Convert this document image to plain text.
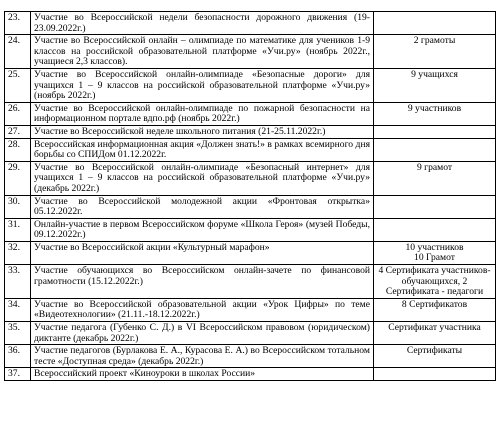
23.	Участие во Всероссийской недели безопасности дорожного движения (19-23.09.2022г.)	
24.	Участие во Всероссийской онлайн – олимпиаде по математике для учеников 1-9 классов на российской образовательной платформе «Учи.ру» (ноябрь 2022г., учащиеся 2,3 классов).	2 грамоты
25.	Участие во Всероссийской онлайн-олимпиаде «Безопасные дороги» для учащихся 1 – 9 классов на российской образовательной платформе «Учи.ру» (ноябрь 2022г.)	9 учащихся
26.	Участие во Всероссийской онлайн-олимпиаде по пожарной безопасности на информационном портале вдпо.рф (ноябрь 2022г.)	9 участников
27.	Участие во Всероссийской неделе школьного питания (21-25.11.2022г.)	
28.	Всероссийская информационная акция «Должен знать!» в рамках всемирного дня борьбы со СПИДом 01.12.2022г.	
29.	Участие во Всероссийской онлайн-олимпиаде «Безопасный интернет» для учащихся 1 – 9 классов на российской образовательной платформе «Учи.ру» (декабрь 2022г.)	9 грамот
30.	Участие во Всероссийской молодежной акции «Фронтовая открытка» 05.12.2022г.	
31.	Онлайн-участие в первом Всероссийском форуме «Школа Героя» (музей Победы, 09.12.2022г.)	
32.	Участие во Всероссийской акции «Культурный марафон»	10 участников
10 Грамот
33.	Участие обучающихся во Всероссийском онлайн-зачете по финансовой грамотности (15.12.2022г.)	4 Сертификата участников-обучающихся, 2 Сертификата - педагоги
34.	Участие во Всероссийской образовательной акции «Урок Цифры» по теме «Видеотехнологии» (21.11.-18.12.2022г.)	8 Сертификатов
35.	Участие педагога (Губенко С. Д.) в VI Всероссийском правовом (юридическом) диктанте (декабрь 2022г.)	Сертификат участника
36.	Участие педагогов (Бурлакова Е. А., Курасова Е. А.) во Всероссийском тотальном тесте «Доступная среда» (декабрь 2022г.)	Сертификаты
37.	Всероссийский проект «Киноуроки в школах России»	
